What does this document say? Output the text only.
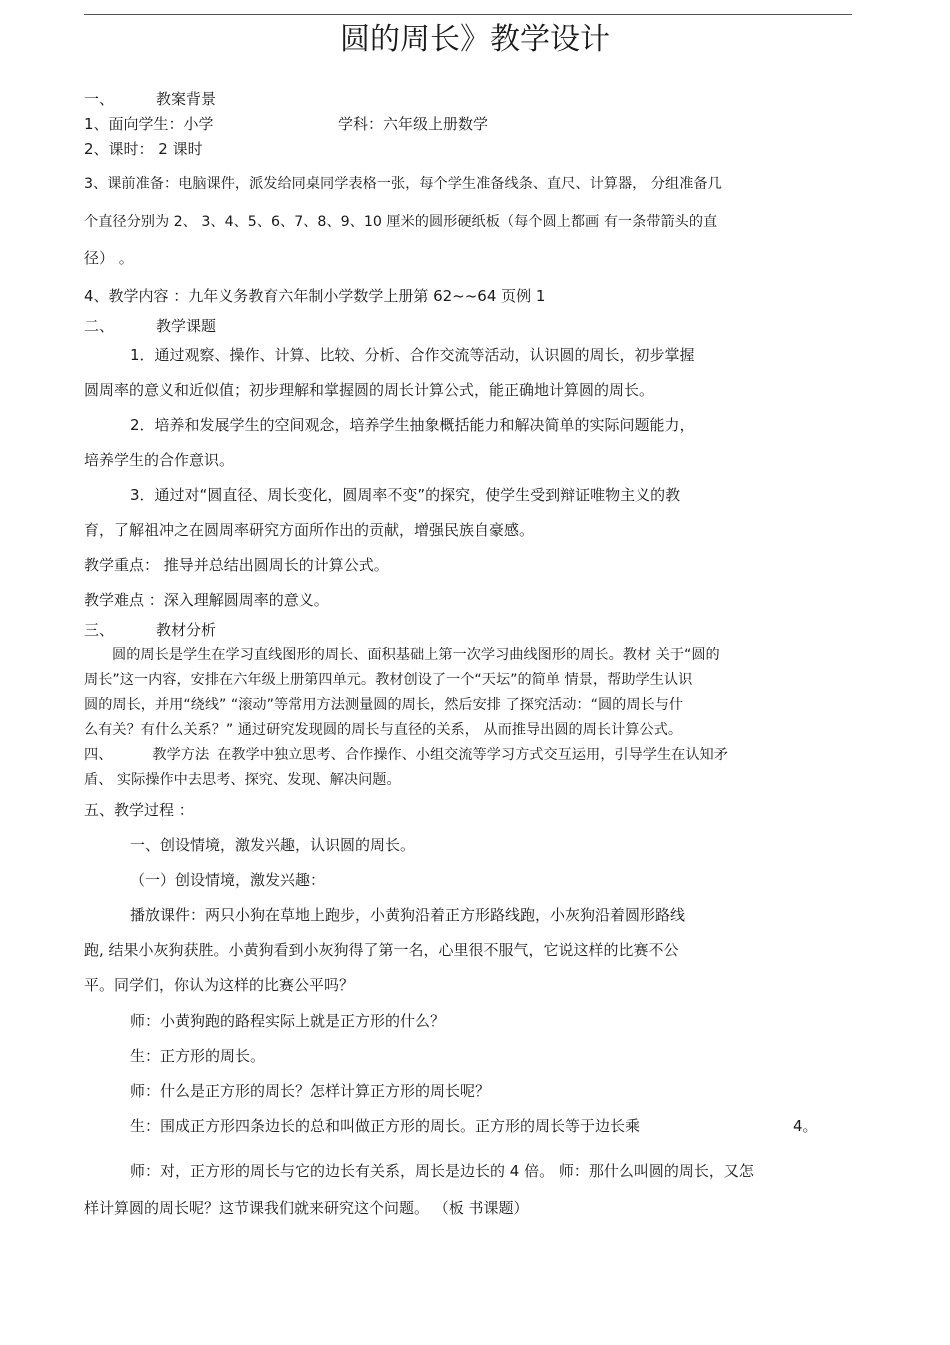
圆的周长》教学设计
一、	教案背景
1、面向学生：小学	学科：六年级上册数学
2、课时： 2 课时
3、课前准备：电脑课件，派发给同桌同学表格一张，每个学生准备线条、直尺、计算器， 分组准备几
个直径分别为 2、 3、4、5、6、7、8、9、10 厘米的圆形硬纸板（每个圆上都画 有一条带箭头的直
径） 。
4、教学内容 ：九年义务教育六年制小学数学上册第 62~~64 页例 1
二、	教学课题
1．通过观察、操作、计算、比较、分析、合作交流等活动，认识圆的周长，初步掌握
圆周率的意义和近似值；初步理解和掌握圆的周长计算公式，能正确地计算圆的周长。
2．培养和发展学生的空间观念，培养学生抽象概括能力和解决简单的实际问题能力，
培养学生的合作意识。
3．通过对“圆直径、周长变化，圆周率不变”的探究，使学生受到辩证唯物主义的教
育，了解祖冲之在圆周率研究方面所作出的贡献，增强民族自豪感。
教学重点： 推导并总结出圆周长的计算公式。
教学难点 ：深入理解圆周率的意义。
三、	教材分析
圆的周长是学生在学习直线图形的周长、面积基础上第一次学习曲线图形的周长。教材 关于“圆的
周长”这一内容，安排在六年级上册第四单元。教材创设了一个“天坛”的简单 情景，帮助学生认识
圆的周长，并用“绕线” “滚动”等常用方法测量圆的周长，然后安排 了探究活动：“圆的周长与什
么有关？有什么关系？” 通过研究发现圆的周长与直径的关系， 从而推导出圆的周长计算公式。
四、	教学方法 在教学中独立思考、合作操作、小组交流等学习方式交互运用，引导学生在认知矛
盾、 实际操作中去思考、探究、发现、解决问题。
五、教学过程 ：
一、创设情境，激发兴趣，认识圆的周长。
（一）创设情境，激发兴趣：
播放课件：两只小狗在草地上跑步，小黄狗沿着正方形路线跑，小灰狗沿着圆形路线
跑, 结果小灰狗获胜。小黄狗看到小灰狗得了第一名，心里很不服气，它说这样的比赛不公
平。同学们，你认为这样的比赛公平吗？
师：小黄狗跑的路程实际上就是正方形的什么？
生：正方形的周长。
师：什么是正方形的周长？怎样计算正方形的周长呢？
生：围成正方形四条边长的总和叫做正方形的周长。正方形的周长等于边长乘	4。
师：对，正方形的周长与它的边长有关系，周长是边长的 4 倍。 师：那什么叫圆的周长，又怎
样计算圆的周长呢？这节课我们就来研究这个问题。 （板 书课题）
